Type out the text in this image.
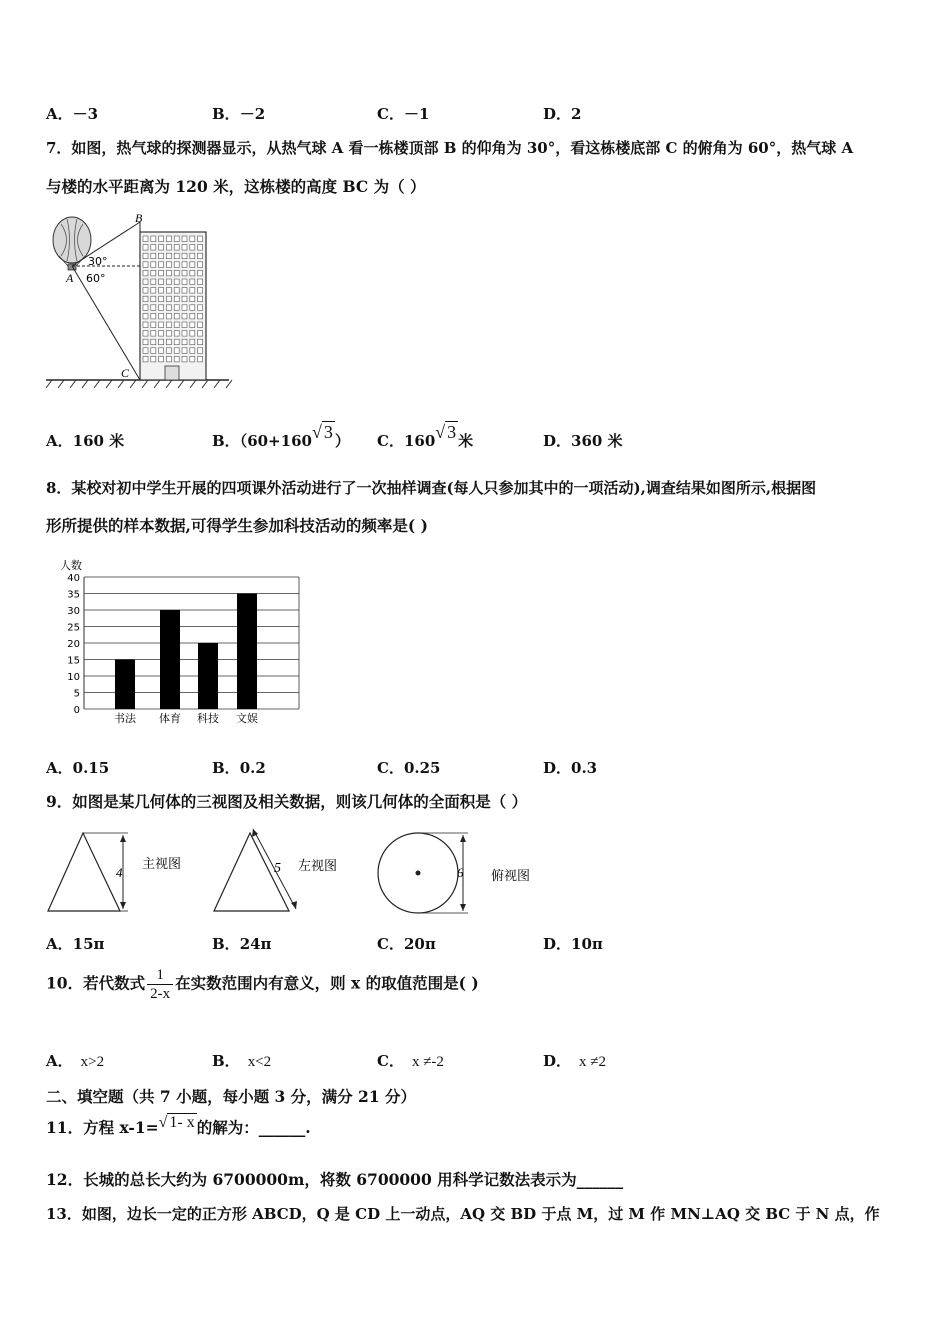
A．－3	B．－2	C．－1	D．2
7．如图，热气球的探测器显示，从热气球 A 看一栋楼顶部 B 的仰角为 30°，看这栋楼底部 C 的俯角为 60°，热气球 A
与楼的水平距离为 120 米，这栋楼的高度 BC 为（ ）
B
A
C
30°
60°
A．160 米	B．（60+160√ 3 ） C．160√ 3 米	D．360 米
8．某校对初中学生开展的四项课外活动进行了一次抽样调查(每人只参加其中的一项活动),调查结果如图所示,根据图
形所提供的样本数据,可得学生参加科技活动的频率是( )
人数
0
5
10
15
20
25
30
35
40
书法 体育 科技 文娱
A．0.15	B．0.2	C．0.25	D．0.3
9．如图是某几何体的三视图及相关数据，则该几何体的全面积是（ ）
4
主视图	5 左视图	6 俯视图
A．15π	B．24π	C．20π	D．10π
10．若代数式 $\frac{1}{2-x}$ 在实数范围内有意义，则 x 的取值范围是( )
A． x>2	B． x<2	C． x ≠-2	D． x ≠2
二、填空题（共 7 小题，每小题 3 分，满分 21 分）
11．方程 x-1=√ 1- x 的解为：______.
12．长城的总长大约为 6700000m，将数 6700000 用科学记数法表示为______
13．如图，边长一定的正方形 ABCD，Q 是 CD 上一动点，AQ 交 BD 于点 M，过 M 作 MN⊥AQ 交 BC 于 N 点，作
